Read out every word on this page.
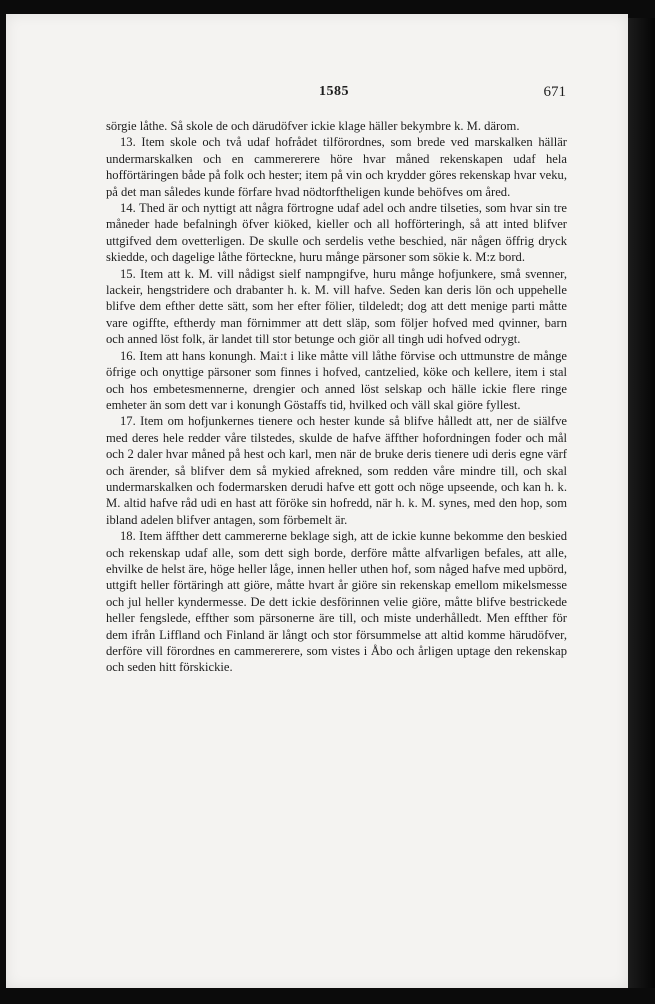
1585	671

sörgie låthe. Så skole de och därudöfver ickie klage häller bekymbre k. M. därom.

13. Item skole och två udaf hofrådet tilförordnes, som brede ved marskalken hällär undermarskalken och en cammererere höre hvar måned rekenskapen udaf hela hofförtäringen både på folk och hester; item på vin och krydder göres rekenskap hvar veku, på det man således kunde förfare hvad nödtorftheligen kunde behöfves om åred.

14. Thed är och nyttigt att några förtrogne udaf adel och andre tilseties, som hvar sin tre måneder hade befalningh öfver kiöked, kieller och all hofförteringh, så att inted blifver uttgifved dem ovetterligen. De skulle och serdelis vethe beschied, när någen öffrig dryck skiedde, och dagelige låthe förteckne, huru månge pärsoner som sökie k. M:z bord.

15. Item att k. M. vill nådigst sielf nampngifve, huru månge hofjunkere, små svenner, lackeir, hengstridere och drabanter h. k. M. vill hafve. Seden kan deris lön och uppehelle blifve dem efther dette sätt, som her efter fölier, tildeledt; dog att dett menige parti måtte vare ogiffte, eftherdy man förnimmer att dett släp, som följer hofved med qvinner, barn och anned löst folk, är landet till stor betunge och giör all tingh udi hofved odrygt.

16. Item att hans konungh. Mai:t i like måtte vill låthe förvise och uttmunstre de månge öfrige och onyttige pärsoner som finnes i hofved, cantzelied, köke och kellere, item i stal och hos embetesmennerne, drengier och anned löst selskap och hälle ickie flere ringe emheter än som dett var i konungh Göstaffs tid, hvilked och väll skal giöre fyllest.

17. Item om hofjunkernes tienere och hester kunde så blifve hålledt att, ner de siälfve med deres hele redder våre tilstedes, skulde de hafve äffther hofordningen foder och mål och 2 daler hvar måned på hest och karl, men när de bruke deris tienere udi deris egne värf och ärender, så blifver dem så mykied afrekned, som redden våre mindre till, och skal undermarskalken och fodermarsken derudi hafve ett gott och nöge upseende, och kan h. k. M. altid hafve råd udi en hast att föröke sin hofredd, när h. k. M. synes, med den hop, som ibland adelen blifver antagen, som förbemelt är.

18. Item äffther dett cammererne beklage sigh, att de ickie kunne bekomme den beskied och rekenskap udaf alle, som dett sigh borde, derföre måtte alfvarligen befales, att alle, ehvilke de helst äre, höge heller låge, innen heller uthen hof, som någed hafve med upbörd, uttgift heller förtäringh att giöre, måtte hvart år giöre sin rekenskap emellom mikelsmesse och jul heller kyndermesse. De dett ickie desförinnen velie giöre, måtte blifve bestrickede heller fengslede, effther som pärsonerne äre till, och miste underhålledt. Men effther för dem ifrån Liffland och Finland är långt och stor försummelse att altid komme härudöfver, derföre vill förordnes en cammererere, som vistes i Åbo och årligen uptage den rekenskap och seden hitt förskickie.
